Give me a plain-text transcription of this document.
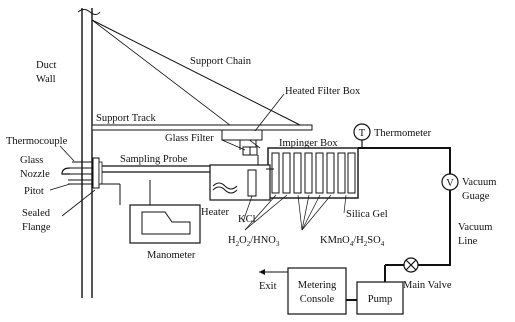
T
V
Duct
Wall
Support Chain
Heated Filter Box
Support Track
Glass Filter	Impinger Box
Thermometer
Thermocouple
Glass
Nozzle
Sampling Probe
Pitot
Sealed
Flange
Vacuum
Guage
Heater
KCl	Silica Gel
Manometer
Vacuum
Line
Exit Metering
Console	Pump
Main Valve
$H_2O_2/HNO_3$	$KMnO_4/H_2SO_4$
